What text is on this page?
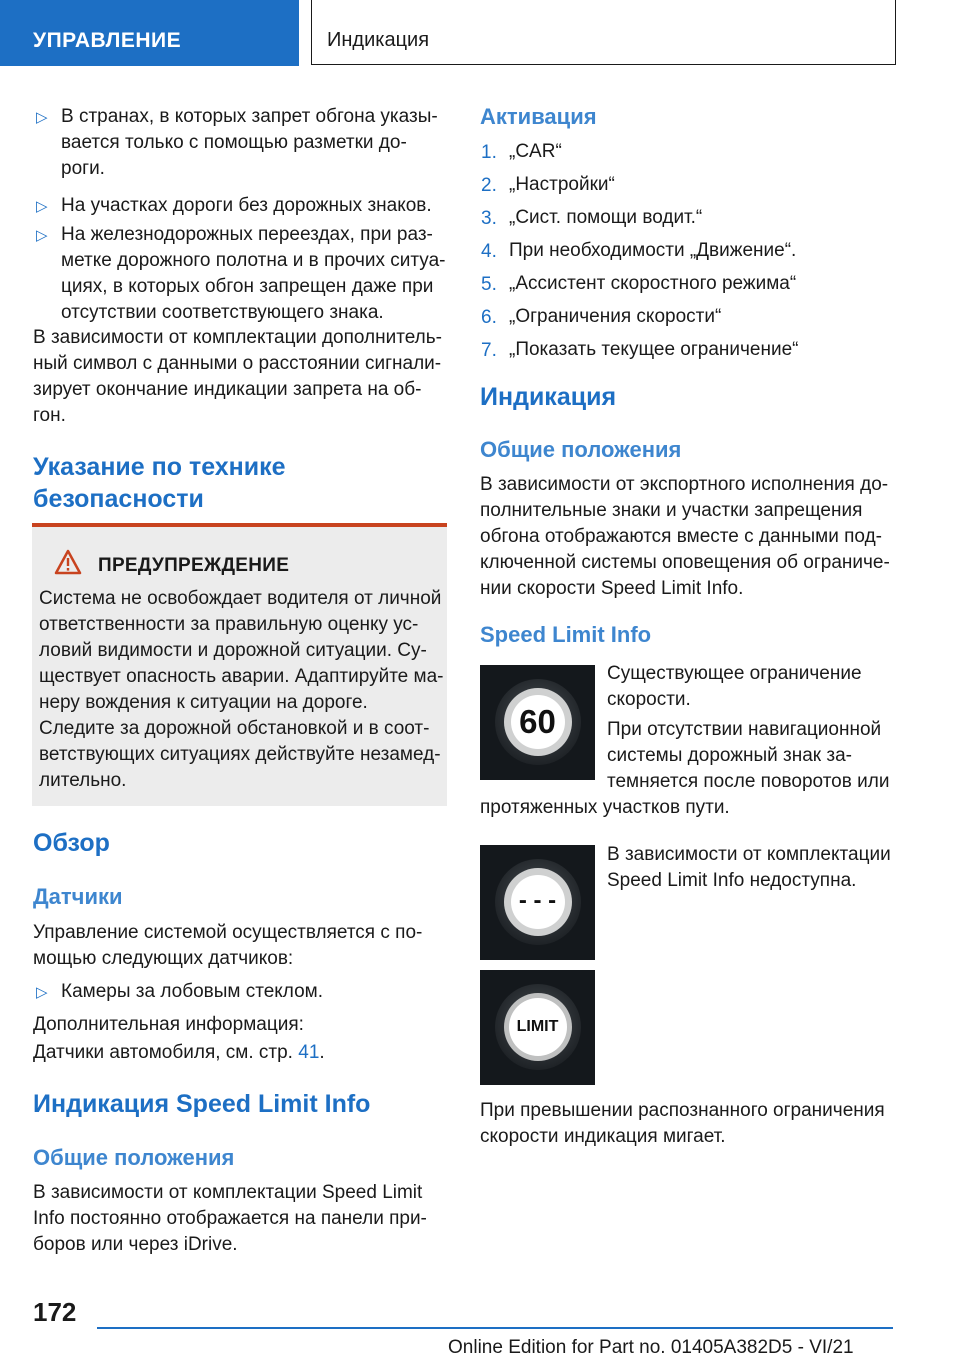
УПРАВЛЕНИЕ	Индикация
▷ В странах, в которых запрет обгона указы-
вается только с помощью разметки до-
роги.
▷ На участках дороги без дорожных знаков.
▷ На железнодорожных переездах, при раз-
метке дорожного полотна и в прочих ситуа-
циях, в которых обгон запрещен даже при
отсутствии соответствующего знака.
В зависимости от комплектации дополнитель-
ный символ с данными о расстоянии сигнали-
зирует окончание индикации запрета на об-
гон.
Указание по технике
безопасности
ПРЕДУПРЕЖДЕНИЕ
Система не освобождает водителя от личной
ответственности за правильную оценку ус-
ловий видимости и дорожной ситуации. Су-
ществует опасность аварии. Адаптируйте ма-
неру вождения к ситуации на дороге.
Следите за дорожной обстановкой и в соот-
ветствующих ситуациях действуйте незамед-
лительно.
Обзор
Датчики
Управление системой осуществляется с по-
мощью следующих датчиков:
▷ Камеры за лобовым стеклом.
Дополнительная информация:
Датчики автомобиля, см. стр. 41.
Индикация Speed Limit Info
Общие положения
В зависимости от комплектации Speed Limit
Info постоянно отображается на панели при-
боров или через iDrive.
Активация
1. „CAR“
2. „Настройки“
3. „Сист. помощи водит.“
4. При необходимости „Движение“.
5. „Ассистент скоростного режима“
6. „Ограничения скорости“
7. „Показать текущее ограничение“
Индикация
Общие положения
В зависимости от экспортного исполнения до-
полнительные знаки и участки запрещения
обгона отображаются вместе с данными под-
ключенной системы оповещения об ограниче-
нии скорости Speed Limit Info.
Speed Limit Info
60
Существующее ограничение
скорости.
При отсутствии навигационной
системы дорожный знак за-
темняется после поворотов или
протяженных участков пути.
- - -
В зависимости от комплектации
Speed Limit Info недоступна.
LIMIT
При превышении распознанного ограничения
скорости индикация мигает.
172
Online Edition for Part no. 01405A382D5 - VI/21
